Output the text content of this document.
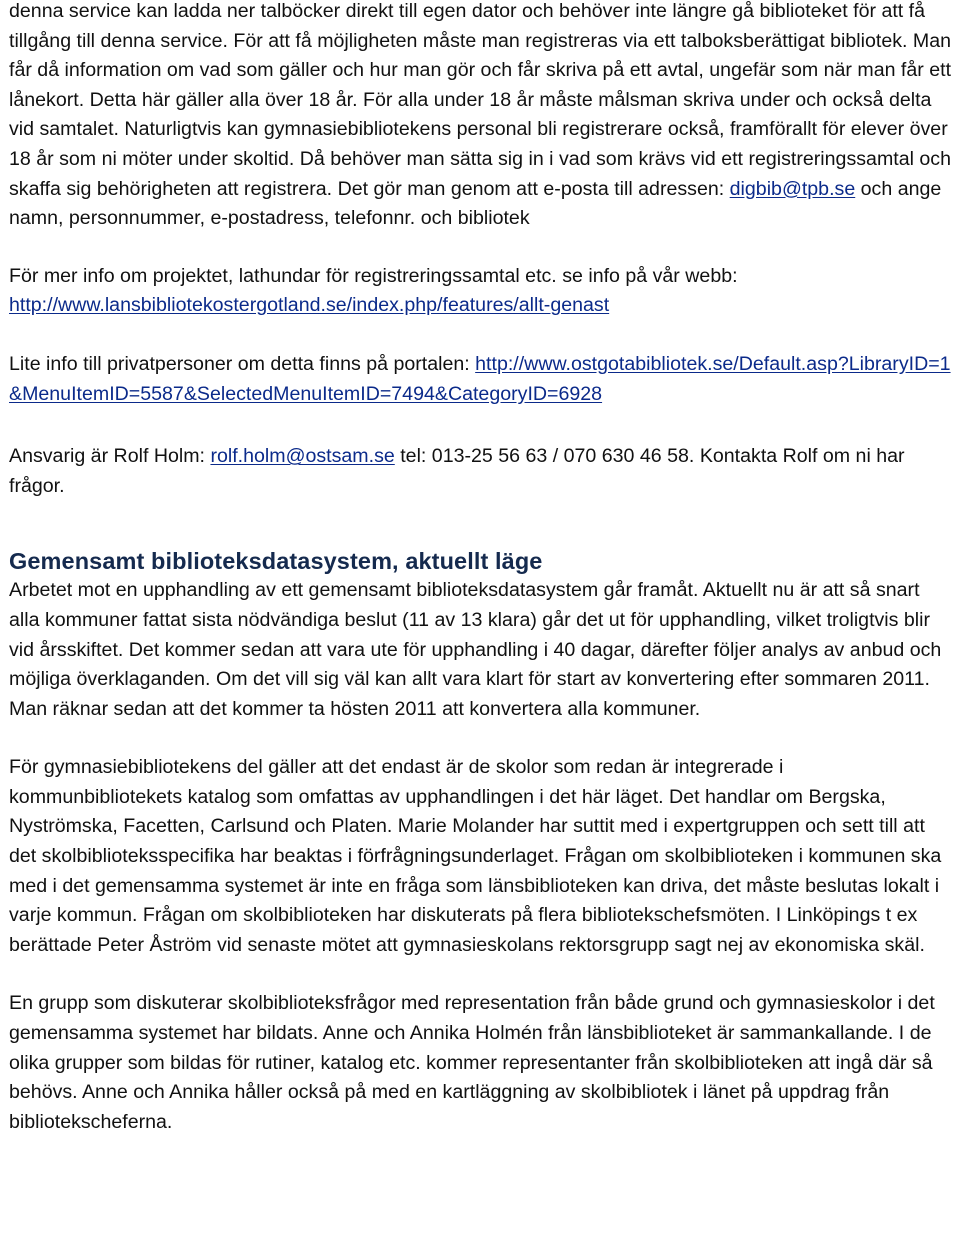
denna service kan ladda ner talböcker direkt till egen dator och behöver inte längre gå biblioteket för att få tillgång till denna service. För att få möjligheten måste man registreras via ett talboksberättigat bibliotek. Man får då information om vad som gäller och hur man gör och får skriva på ett avtal, ungefär som när man får ett lånekort. Detta här gäller alla över 18 år. För alla under 18 år måste målsman skriva under och också delta vid samtalet. Naturligtvis kan gymnasiebibliotekens personal bli registrerare också, framförallt för elever över 18 år som ni möter under skoltid. Då behöver man sätta sig in i vad som krävs vid ett registreringssamtal och skaffa sig behörigheten att registrera. Det gör man genom att e-posta till adressen: digbib@tpb.se och ange namn, personnummer, e-postadress, telefonnr. och bibliotek

För mer info om projektet, lathundar för registreringssamtal etc. se info på vår webb: http://www.lansbibliotekostergotland.se/index.php/features/allt-genast

Lite info till privatpersoner om detta finns på portalen: http://www.ostgotabibliotek.se/Default.asp?LibraryID=1&MenuItemID=5587&SelectedMenuItemID=7494&CategoryID=6928

Ansvarig är Rolf Holm: rolf.holm@ostsam.se tel: 013-25 56 63 / 070 630 46 58. Kontakta Rolf om ni har frågor.

Gemensamt biblioteksdatasystem, aktuellt läge

Arbetet mot en upphandling av ett gemensamt biblioteksdatasystem går framåt. Aktuellt nu är att så snart alla kommuner fattat sista nödvändiga beslut (11 av 13 klara) går det ut för upphandling, vilket troligtvis blir vid årsskiftet. Det kommer sedan att vara ute för upphandling i 40 dagar, därefter följer analys av anbud och möjliga överklaganden. Om det vill sig väl kan allt vara klart för start av konvertering efter sommaren 2011. Man räknar sedan att det kommer ta hösten 2011 att konvertera alla kommuner.

För gymnasiebibliotekens del gäller att det endast är de skolor som redan är integrerade i kommunbibliotekets katalog som omfattas av upphandlingen i det här läget. Det handlar om Bergska, Nyströmska, Facetten, Carlsund och Platen. Marie Molander har suttit med i expertgruppen och sett till att det skolbiblioteksspecifika har beaktas i förfrågningsunderlaget. Frågan om skolbiblioteken i kommunen ska med i det gemensamma systemet är inte en fråga som länsbiblioteken kan driva, det måste beslutas lokalt i varje kommun. Frågan om skolbiblioteken har diskuterats på flera bibliotekschefsmöten. I Linköpings t ex berättade Peter Åström vid senaste mötet att gymnasieskolans rektorsgrupp sagt nej av ekonomiska skäl.

En grupp som diskuterar skolbiblioteksfrågor med representation från både grund och gymnasieskolor i det gemensamma systemet har bildats. Anne och Annika Holmén från länsbiblioteket är sammankallande. I de olika grupper som bildas för rutiner, katalog etc. kommer representanter från skolbiblioteken att ingå där så behövs. Anne och Annika håller också på med en kartläggning av skolbibliotek i länet på uppdrag från bibliotekscheferna.
